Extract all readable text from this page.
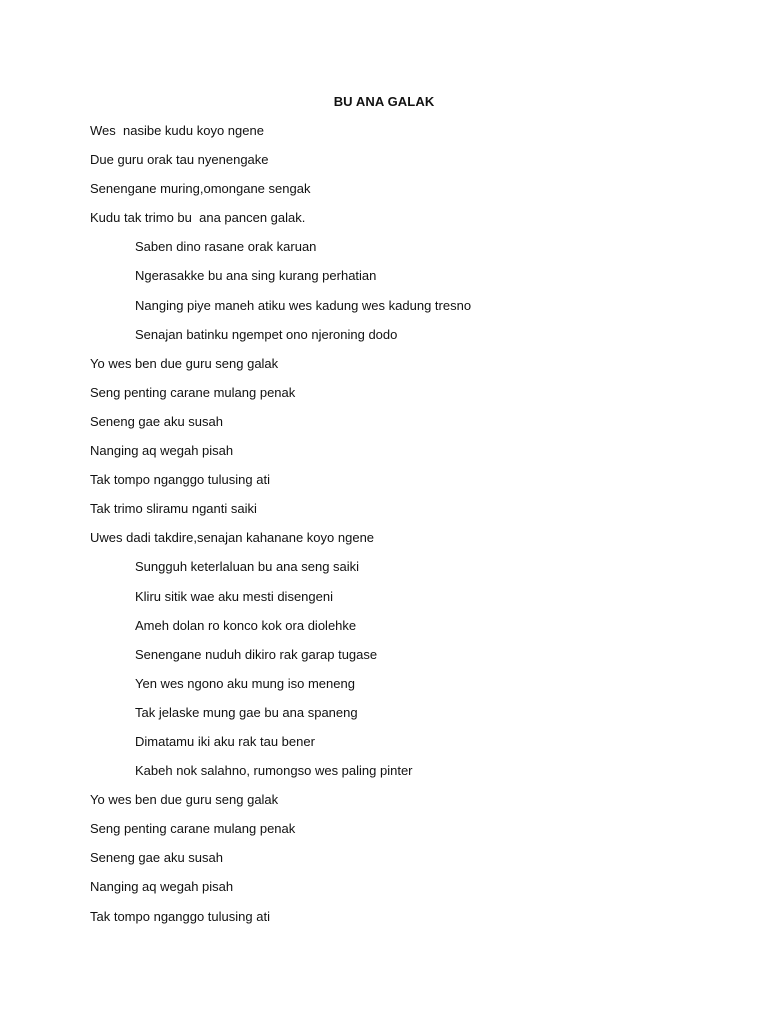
BU ANA GALAK
Wes  nasibe kudu koyo ngene
Due guru orak tau nyenengake
Senengane muring,omongane sengak
Kudu tak trimo bu  ana pancen galak.
Saben dino rasane orak karuan
Ngerasakke bu ana sing kurang perhatian
Nanging piye maneh atiku wes kadung wes kadung tresno
Senajan batinku ngempet ono njeroning dodo
Yo wes ben due guru seng galak
Seng penting carane mulang penak
Seneng gae aku susah
Nanging aq wegah pisah
Tak tompo nganggo tulusing ati
Tak trimo sliramu nganti saiki
Uwes dadi takdire,senajan kahanane koyo ngene
Sungguh keterlaluan bu ana seng saiki
Kliru sitik wae aku mesti disengeni
Ameh dolan ro konco kok ora diolehke
Senengane nuduh dikiro rak garap tugase
Yen wes ngono aku mung iso meneng
Tak jelaske mung gae bu ana spaneng
Dimatamu iki aku rak tau bener
Kabeh nok salahno, rumongso wes paling pinter
Yo wes ben due guru seng galak
Seng penting carane mulang penak
Seneng gae aku susah
Nanging aq wegah pisah
Tak tompo nganggo tulusing ati
